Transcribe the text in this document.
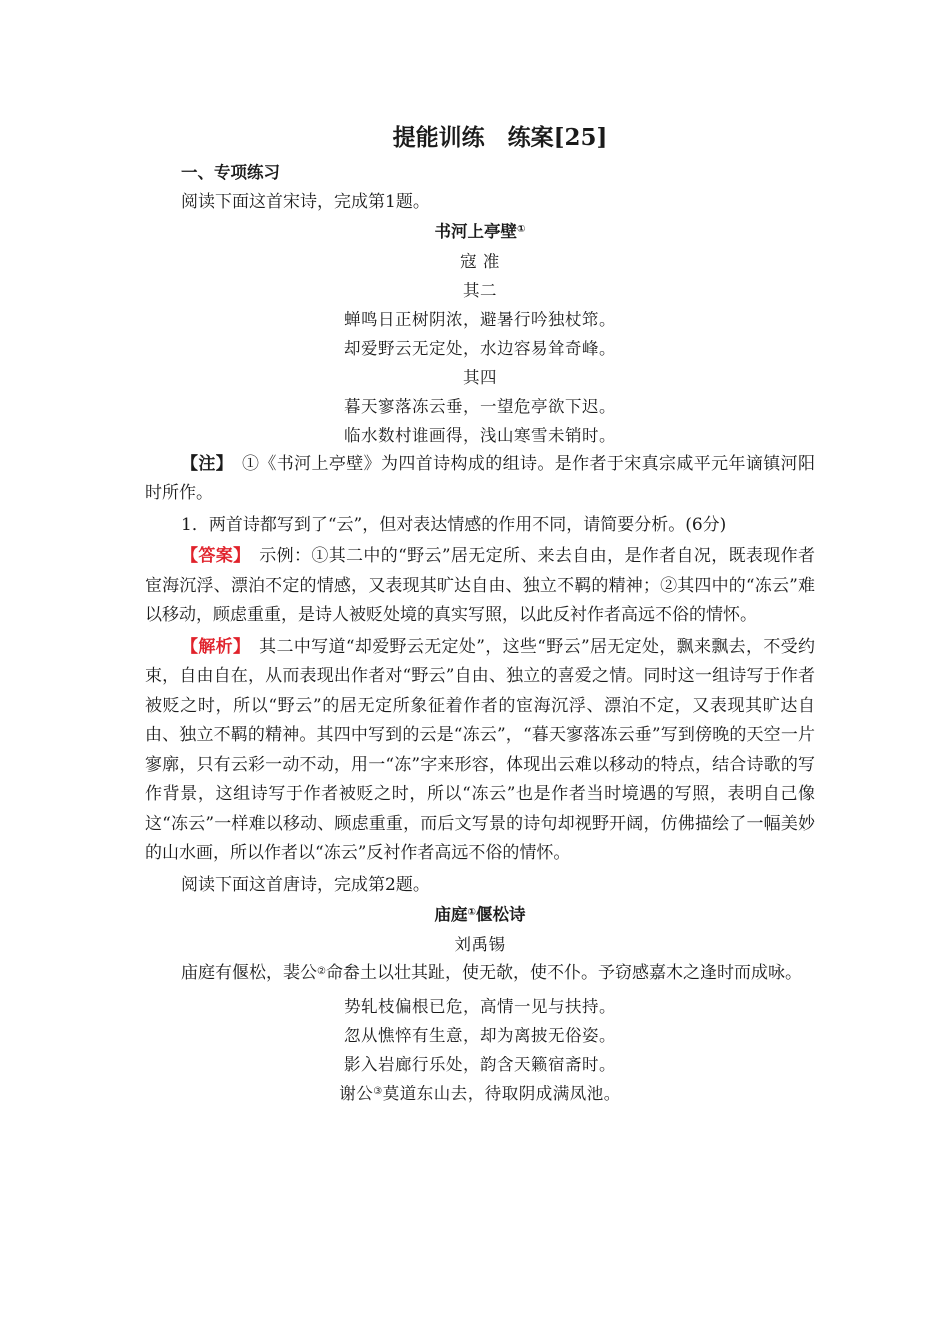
提能训练　练案[25]
一、专项练习
阅读下面这首宋诗，完成第1题。
书河上亭壁①
寇 准
其二
蝉鸣日正树阴浓，避暑行吟独杖筇。
却爱野云无定处，水边容易耸奇峰。
其四
暮天寥落冻云垂，一望危亭欲下迟。
临水数村谁画得，浅山寒雪未销时。
【注】　①《书河上亭壁》为四首诗构成的组诗。是作者于宋真宗咸平元年谪镇河阳时所作。
1．两首诗都写到了“云”，但对表达情感的作用不同，请简要分析。(6分)
【答案】　示例：①其二中的“野云”居无定所、来去自由，是作者自况，既表现作者宦海沉浮、漂泊不定的情感，又表现其旷达自由、独立不羁的精神；②其四中的“冻云”难以移动，顾虑重重，是诗人被贬处境的真实写照，以此反衬作者高远不俗的情怀。
【解析】　其二中写道“却爱野云无定处”，这些“野云”居无定处，飘来飘去，不受约束，自由自在，从而表现出作者对“野云”自由、独立的喜爱之情。同时这一组诗写于作者被贬之时，所以“野云”的居无定所象征着作者的宦海沉浮、漂泊不定，又表现其旷达自由、独立不羁的精神。其四中写到的云是“冻云”，“暮天寥落冻云垂”写到傍晚的天空一片寥廓，只有云彩一动不动，用一“冻”字来形容，体现出云难以移动的特点，结合诗歌的写作背景，这组诗写于作者被贬之时，所以“冻云”也是作者当时境遇的写照，表明自己像这“冻云”一样难以移动、顾虑重重，而后文写景的诗句却视野开阔，仿佛描绘了一幅美妙的山水画，所以作者以“冻云”反衬作者高远不俗的情怀。
阅读下面这首唐诗，完成第2题。
庙庭①偃松诗
刘禹锡
庙庭有偃松，裴公②命畚土以壮其趾，使无欹，使不仆。予窃感嘉木之逢时而成咏。
势轧枝偏根已危，高情一见与扶持。
忽从憔悴有生意，却为离披无俗姿。
影入岩廊行乐处，韵含天籁宿斋时。
谢公③莫道东山去，待取阴成满凤池。
